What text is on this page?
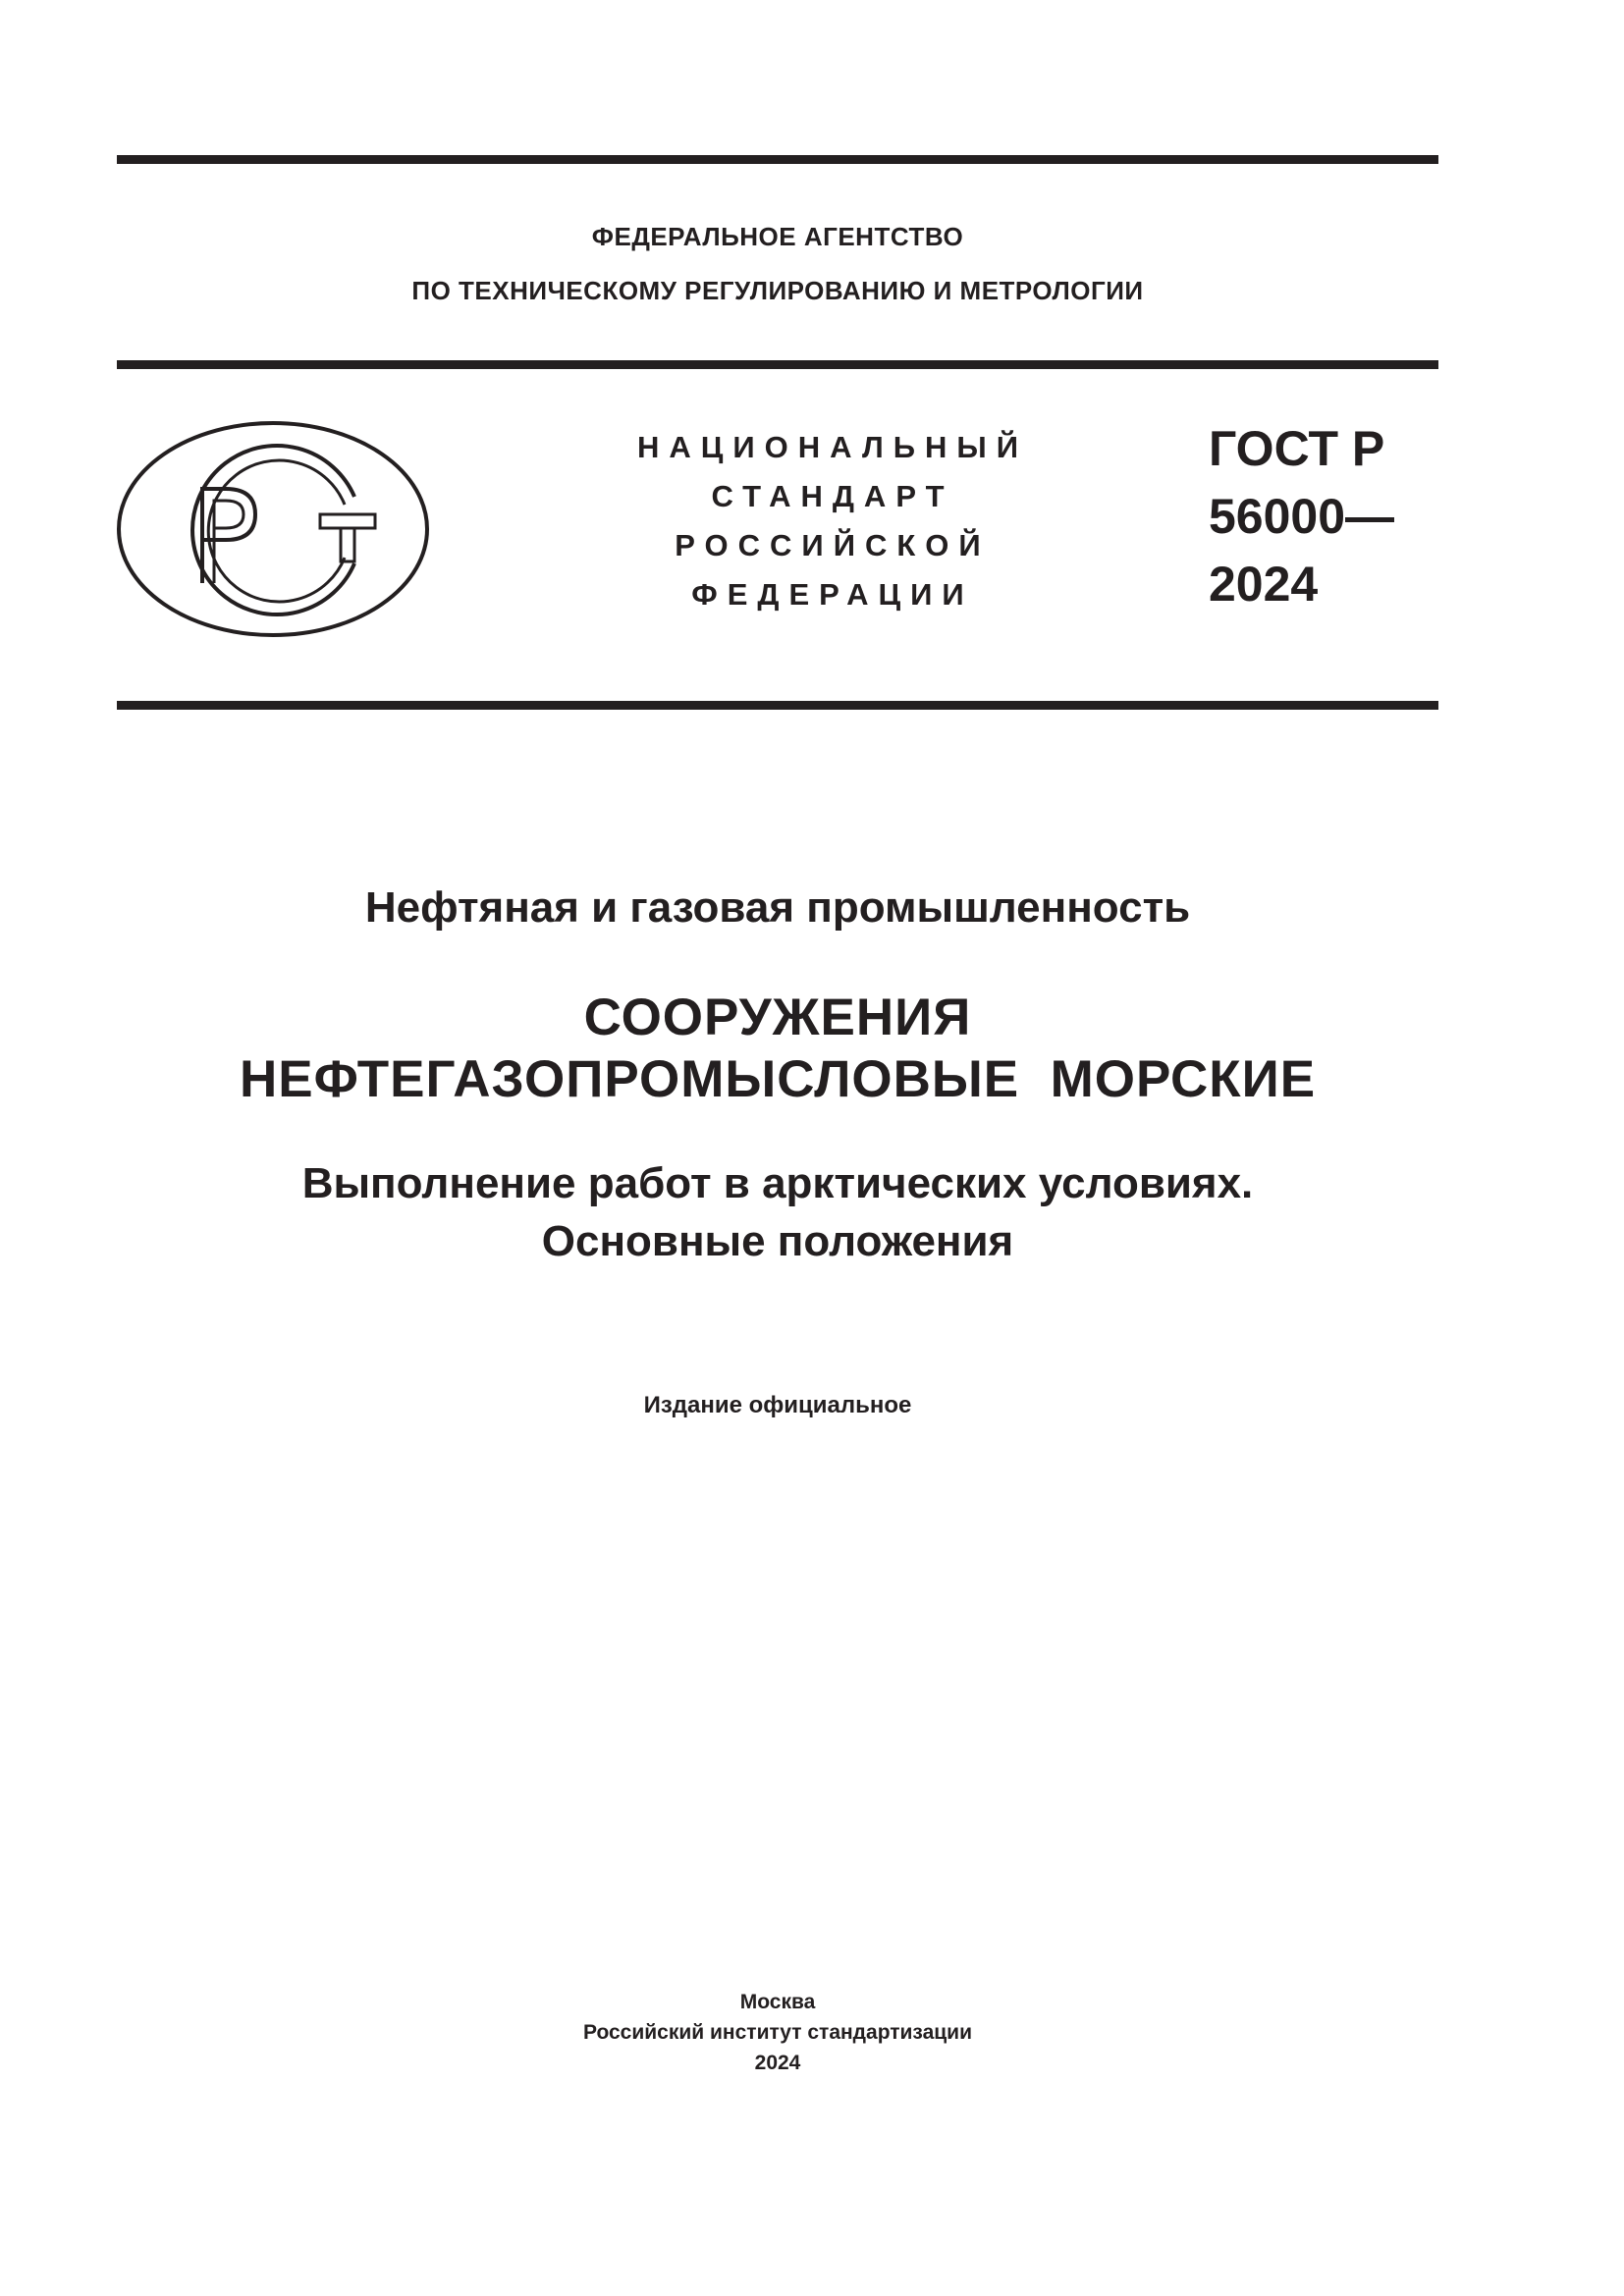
ФЕДЕРАЛЬНОЕ АГЕНТСТВО
ПО ТЕХНИЧЕСКОМУ РЕГУЛИРОВАНИЮ И МЕТРОЛОГИИ
НАЦИОНАЛЬНЫЙ
СТАНДАРТ
РОССИЙСКОЙ
ФЕДЕРАЦИИ
ГОСТ Р
56000—
2024
Нефтяная и газовая промышленность
СООРУЖЕНИЯ
НЕФТЕГАЗОПРОМЫСЛОВЫЕ  МОРСКИЕ
Выполнение работ в арктических условиях.
Основные положения
Издание официальное
Москва
Российский институт стандартизации
2024
